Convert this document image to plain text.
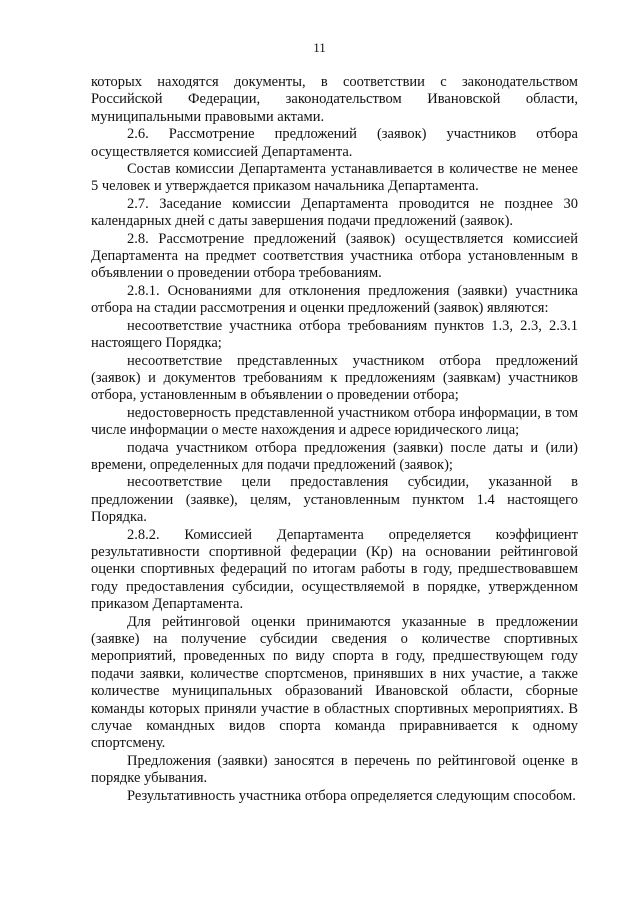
11

которых находятся документы, в соответствии с законодательством Российской Федерации, законодательством Ивановской области, муниципальными правовыми актами.

2.6. Рассмотрение предложений (заявок) участников отбора осуществляется комиссией Департамента.

Состав комиссии Департамента устанавливается в количестве не менее 5 человек и утверждается приказом начальника Департамента.

2.7. Заседание комиссии Департамента проводится не позднее 30 календарных дней с даты завершения подачи предложений (заявок).

2.8. Рассмотрение предложений (заявок) осуществляется комиссией Департамента на предмет соответствия участника отбора установленным в объявлении о проведении отбора требованиям.

2.8.1. Основаниями для отклонения предложения (заявки) участника отбора на стадии рассмотрения и оценки предложений (заявок) являются:

несоответствие участника отбора требованиям пунктов 1.3, 2.3, 2.3.1 настоящего Порядка;

несоответствие представленных участником отбора предложений (заявок) и документов требованиям к предложениям (заявкам) участников отбора, установленным в объявлении о проведении отбора;

недостоверность представленной участником отбора информации, в том числе информации о месте нахождения и адресе юридического лица;

подача участником отбора предложения (заявки) после даты и (или) времени, определенных для подачи предложений (заявок);

несоответствие цели предоставления субсидии, указанной в предложении (заявке), целям, установленным пунктом 1.4 настоящего Порядка.

2.8.2. Комиссией Департамента определяется коэффициент результативности спортивной федерации (Кр) на основании рейтинговой оценки спортивных федераций по итогам работы в году, предшествовавшем году предоставления субсидии, осуществляемой в порядке, утвержденном приказом Департамента.

Для рейтинговой оценки принимаются указанные в предложении (заявке) на получение субсидии сведения о количестве спортивных мероприятий, проведенных по виду спорта в году, предшествующем году подачи заявки, количестве спортсменов, принявших в них участие, а также количестве муниципальных образований Ивановской области, сборные команды которых приняли участие в областных спортивных мероприятиях. В случае командных видов спорта команда приравнивается к одному спортсмену.

Предложения (заявки) заносятся в перечень по рейтинговой оценке в порядке убывания.

Результативность участника отбора определяется следующим способом.
